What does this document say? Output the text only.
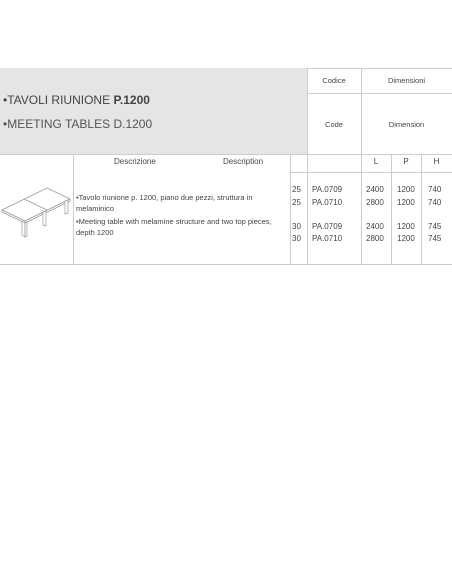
•TAVOLI RIUNIONE P.1200
•MEETING TABLES D.1200
Codice	Dimensioni
Code	Dimension
Descrizione	Description	L	P	H
•Tavolo riunione p. 1200, piano due pezzi, struttura in melaminico
•Meeting table with melamine structure and two top pieces, depth 1200
25 PA.0709	2400 1200 740
25 PA.0710	2800 1200 740
30 PA.0709	2400 1200 745
30 PA.0710	2800 1200 745
